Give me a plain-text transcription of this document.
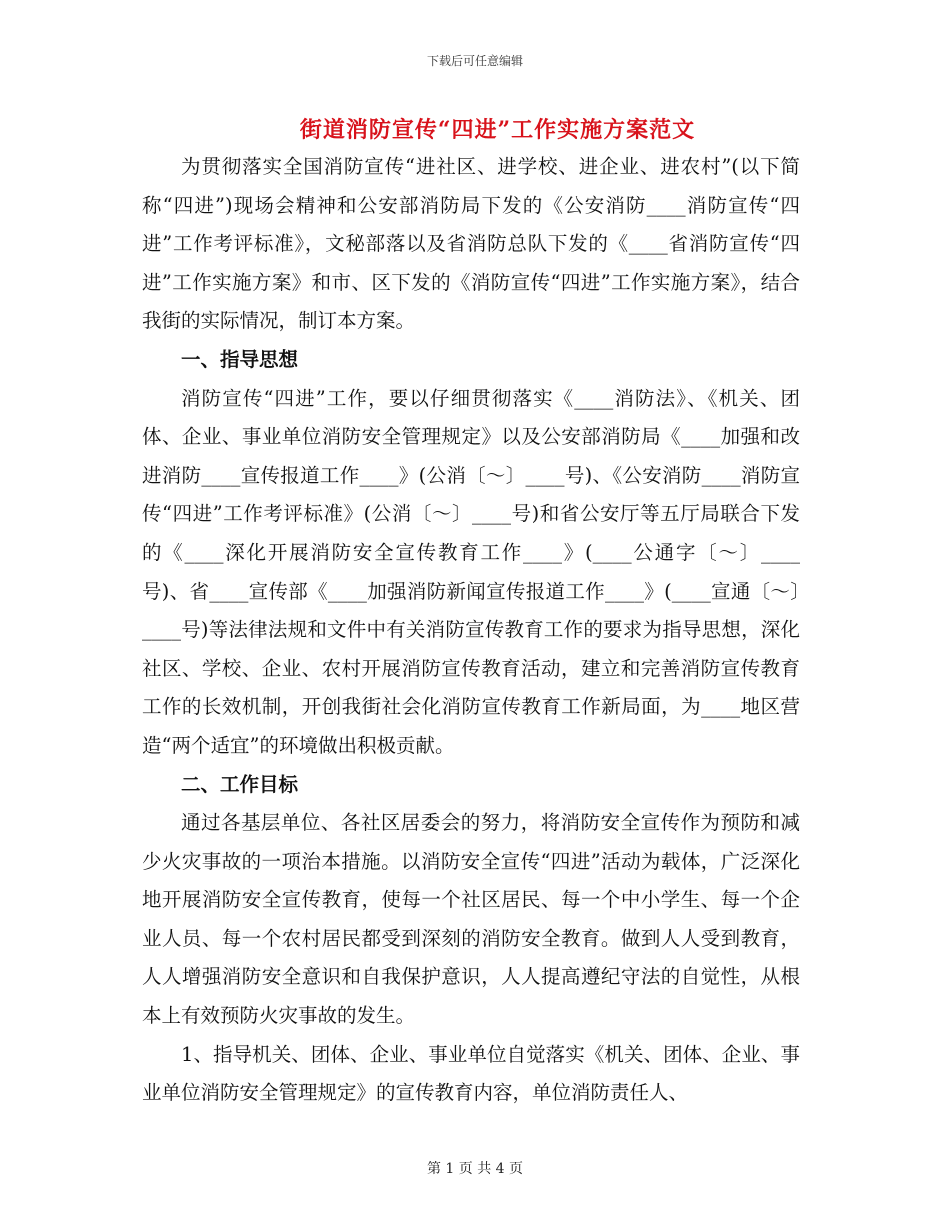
下载后可任意编辑
街道消防宣传“四进”工作实施方案范文

为贯彻落实全国消防宣传“进社区、进学校、进企业、进农村”(以下简称“四进”)现场会精神和公安部消防局下发的《公安消防____消防宣传“四进”工作考评标准》，文秘部落以及省消防总队下发的《____省消防宣传“四进”工作实施方案》和市、区下发的《消防宣传“四进”工作实施方案》，结合我街的实际情况，制订本方案。

一、指导思想

消防宣传“四进”工作，要以仔细贯彻落实《____消防法》、《机关、团体、企业、事业单位消防安全管理规定》以及公安部消防局《____加强和改进消防____宣传报道工作____》(公消〔～〕____号)、《公安消防____消防宣传“四进”工作考评标准》(公消〔～〕____号)和省公安厅等五厅局联合下发的《____深化开展消防安全宣传教育工作____》(____公通字〔～〕____号)、省____宣传部《____加强消防新闻宣传报道工作____》(____宣通〔～〕____号)等法律法规和文件中有关消防宣传教育工作的要求为指导思想，深化社区、学校、企业、农村开展消防宣传教育活动，建立和完善消防宣传教育工作的长效机制，开创我街社会化消防宣传教育工作新局面，为____地区营造“两个适宜”的环境做出积极贡献。

二、工作目标

通过各基层单位、各社区居委会的努力，将消防安全宣传作为预防和减少火灾事故的一项治本措施。以消防安全宣传“四进”活动为载体，广泛深化地开展消防安全宣传教育，使每一个社区居民、每一个中小学生、每一个企业人员、每一个农村居民都受到深刻的消防安全教育。做到人人受到教育，人人增强消防安全意识和自我保护意识，人人提高遵纪守法的自觉性，从根本上有效预防火灾事故的发生。

1、指导机关、团体、企业、事业单位自觉落实《机关、团体、企业、事业单位消防安全管理规定》的宣传教育内容，单位消防责任人、

第 1 页 共 4 页
